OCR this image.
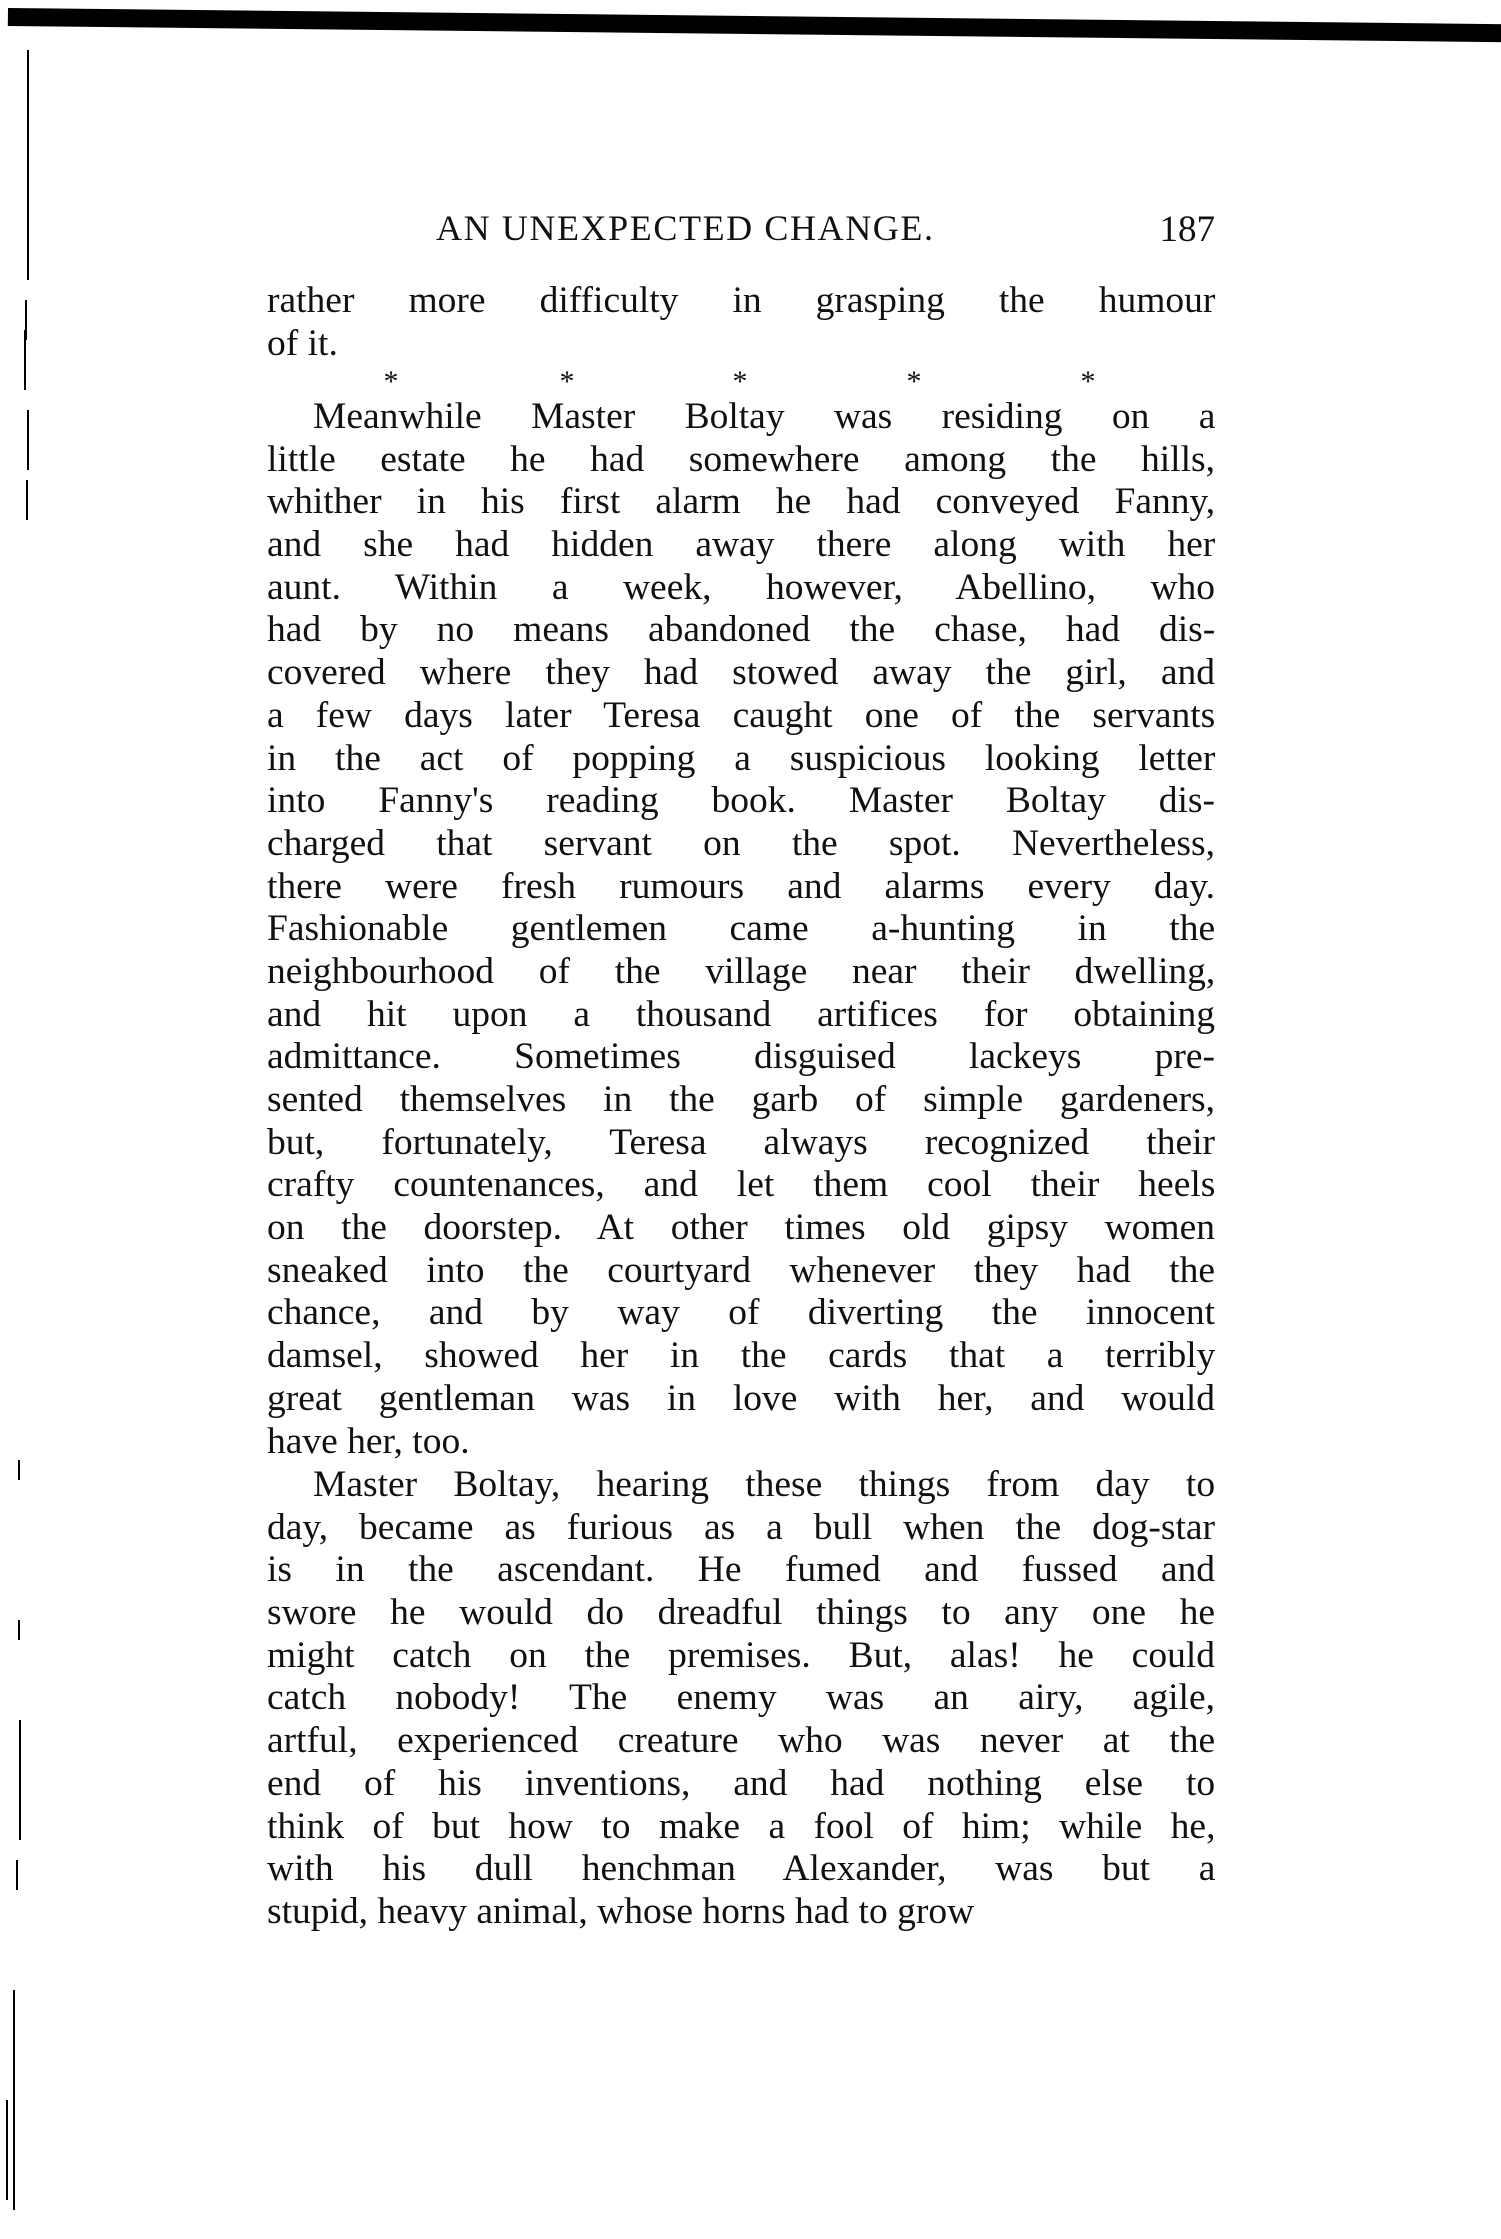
AN UNEXPECTED CHANGE.	187
rather more difficulty in grasping the humour
of it.
*	*	*	*	*
Meanwhile Master Boltay was residing on a
little estate he had somewhere among the hills,
whither in his first alarm he had conveyed Fanny,
and she had hidden away there along with her
aunt. Within a week, however, Abellino, who
had by no means abandoned the chase, had dis-
covered where they had stowed away the girl, and
a few days later Teresa caught one of the servants
in the act of popping a suspicious looking letter
into Fanny's reading book. Master Boltay dis-
charged that servant on the spot. Nevertheless,
there were fresh rumours and alarms every day.
Fashionable gentlemen came a-hunting in the
neighbourhood of the village near their dwelling,
and hit upon a thousand artifices for obtaining
admittance. Sometimes disguised lackeys pre-
sented themselves in the garb of simple gardeners,
but, fortunately, Teresa always recognized their
crafty countenances, and let them cool their heels
on the doorstep. At other times old gipsy women
sneaked into the courtyard whenever they had the
chance, and by way of diverting the innocent
damsel, showed her in the cards that a terribly
great gentleman was in love with her, and would
have her, too.
Master Boltay, hearing these things from day to
day, became as furious as a bull when the dog-star
is in the ascendant. He fumed and fussed and
swore he would do dreadful things to any one he
might catch on the premises. But, alas! he could
catch nobody! The enemy was an airy, agile,
artful, experienced creature who was never at the
end of his inventions, and had nothing else to
think of but how to make a fool of him; while he,
with his dull henchman Alexander, was but a
stupid, heavy animal, whose horns had to grow
